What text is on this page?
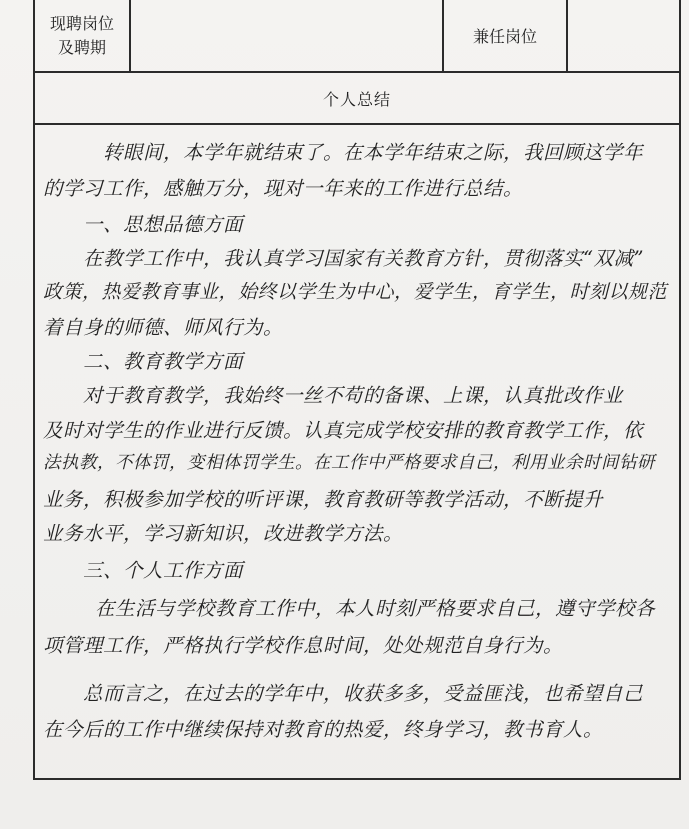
现聘岗位
及聘期
兼任岗位
个人总结
转眼间，本学年就结束了。在本学年结束之际，我回顾这学年
的学习工作，感触万分，现对一年来的工作进行总结。
一、思想品德方面
在教学工作中，我认真学习国家有关教育方针，贯彻落实“双减”
政策，热爱教育事业，始终以学生为中心，爱学生，育学生，时刻以规范
着自身的师德、师风行为。
二、教育教学方面
对于教育教学，我始终一丝不苟的备课、上课，认真批改作业
及时对学生的作业进行反馈。认真完成学校安排的教育教学工作，依
法执教，不体罚，变相体罚学生。在工作中严格要求自己，利用业余时间钻研
业务，积极参加学校的听评课，教育教研等教学活动，不断提升
业务水平，学习新知识，改进教学方法。
三、个人工作方面
在生活与学校教育工作中，本人时刻严格要求自己，遵守学校各
项管理工作，严格执行学校作息时间，处处规范自身行为。
总而言之，在过去的学年中，收获多多，受益匪浅，也希望自己
在今后的工作中继续保持对教育的热爱，终身学习，教书育人。
